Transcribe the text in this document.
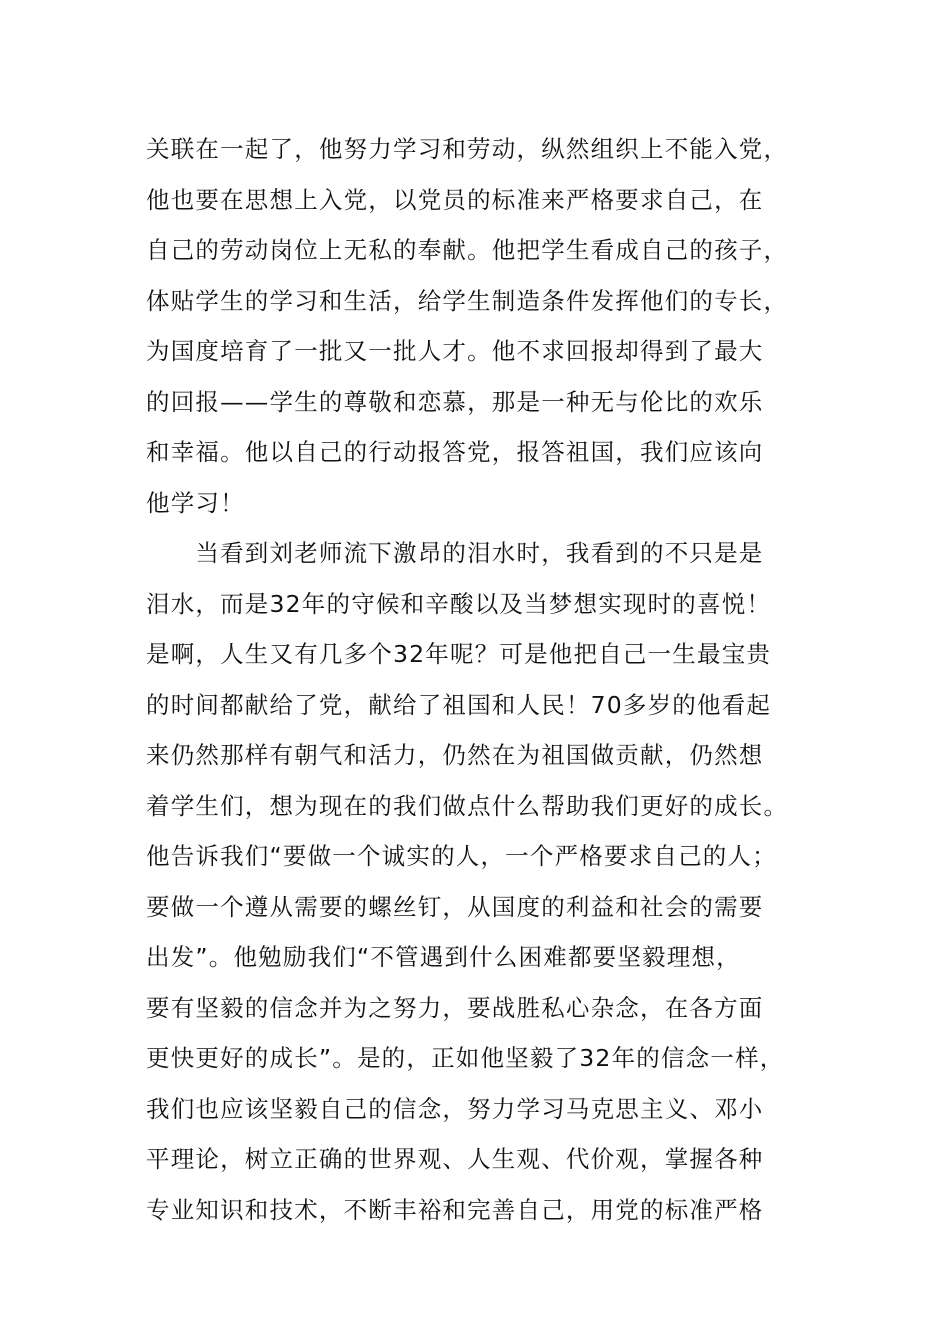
关联在一起了，他努力学习和劳动，纵然组织上不能入党，
他也要在思想上入党，以党员的标准来严格要求自己，在
自己的劳动岗位上无私的奉献。他把学生看成自己的孩子，
体贴学生的学习和生活，给学生制造条件发挥他们的专长，
为国度培育了一批又一批人才。他不求回报却得到了最大
的回报——学生的尊敬和恋慕，那是一种无与伦比的欢乐
和幸福。他以自己的行动报答党，报答祖国，我们应该向
他学习！
　　当看到刘老师流下激昂的泪水时，我看到的不只是是
泪水，而是32年的守候和辛酸以及当梦想实现时的喜悦！
是啊，人生又有几多个32年呢？可是他把自己一生最宝贵
的时间都献给了党，献给了祖国和人民！70多岁的他看起
来仍然那样有朝气和活力，仍然在为祖国做贡献，仍然想
着学生们，想为现在的我们做点什么帮助我们更好的成长。
他告诉我们“要做一个诚实的人，一个严格要求自己的人；
要做一个遵从需要的螺丝钉，从国度的利益和社会的需要
出发”。他勉励我们“不管遇到什么困难都要坚毅理想，
要有坚毅的信念并为之努力，要战胜私心杂念，在各方面
更快更好的成长”。是的，正如他坚毅了32年的信念一样，
我们也应该坚毅自己的信念，努力学习马克思主义、邓小
平理论，树立正确的世界观、人生观、代价观，掌握各种
专业知识和技术，不断丰裕和完善自己，用党的标准严格
